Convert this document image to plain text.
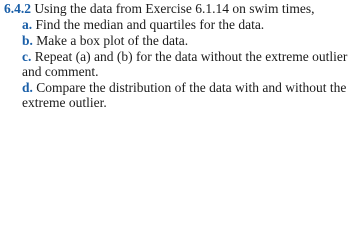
6.4.2 Using the data from Exercise 6.1.14 on swim times,
a. Find the median and quartiles for the data.
b. Make a box plot of the data.
c. Repeat (a) and (b) for the data without the extreme outlier
and comment.
d. Compare the distribution of the data with and without the
extreme outlier.
